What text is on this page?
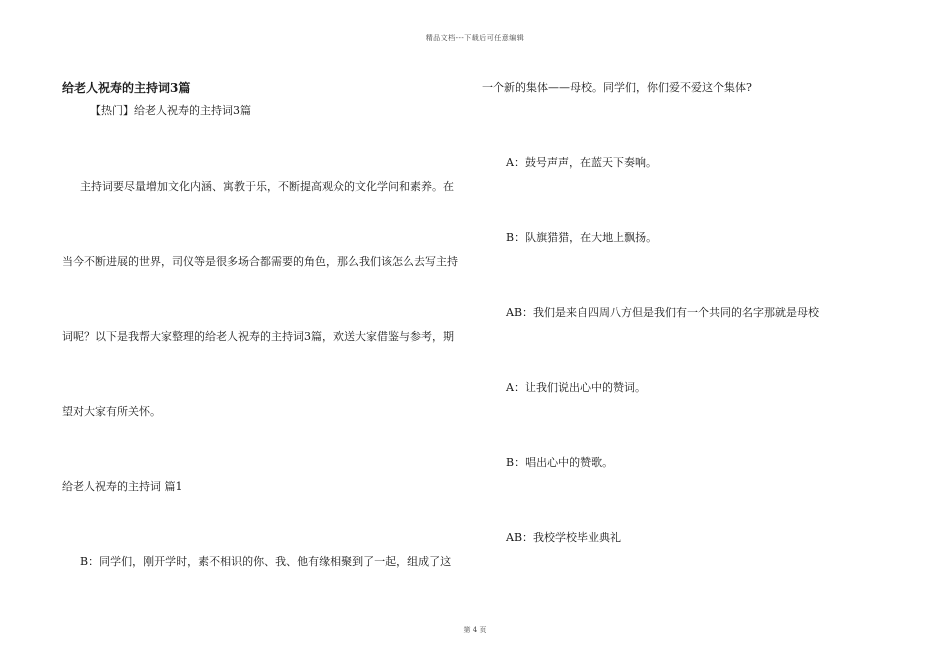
精品文档---下载后可任意编辑
给老人祝寿的主持词3篇
【热门】给老人祝寿的主持词3篇
主持词要尽量增加文化内涵、寓教于乐，不断提高观众的文化学问和素养。在
当今不断进展的世界，司仪等是很多场合都需要的角色，那么我们该怎么去写主持
词呢？以下是我帮大家整理的给老人祝寿的主持词3篇，欢送大家借鉴与参考，期
望对大家有所关怀。
给老人祝寿的主持词 篇1
B：同学们，刚开学时，素不相识的你、我、他有缘相聚到了一起，组成了这
一个新的集体——母校。同学们，你们爱不爱这个集体?
A：鼓号声声，在蓝天下奏响。
B：队旗猎猎，在大地上飘扬。
AB：我们是来自四周八方但是我们有一个共同的名字那就是母校
A：让我们说出心中的赞词。
B：唱出心中的赞歌。
AB：我校学校毕业典礼
第 4 页
